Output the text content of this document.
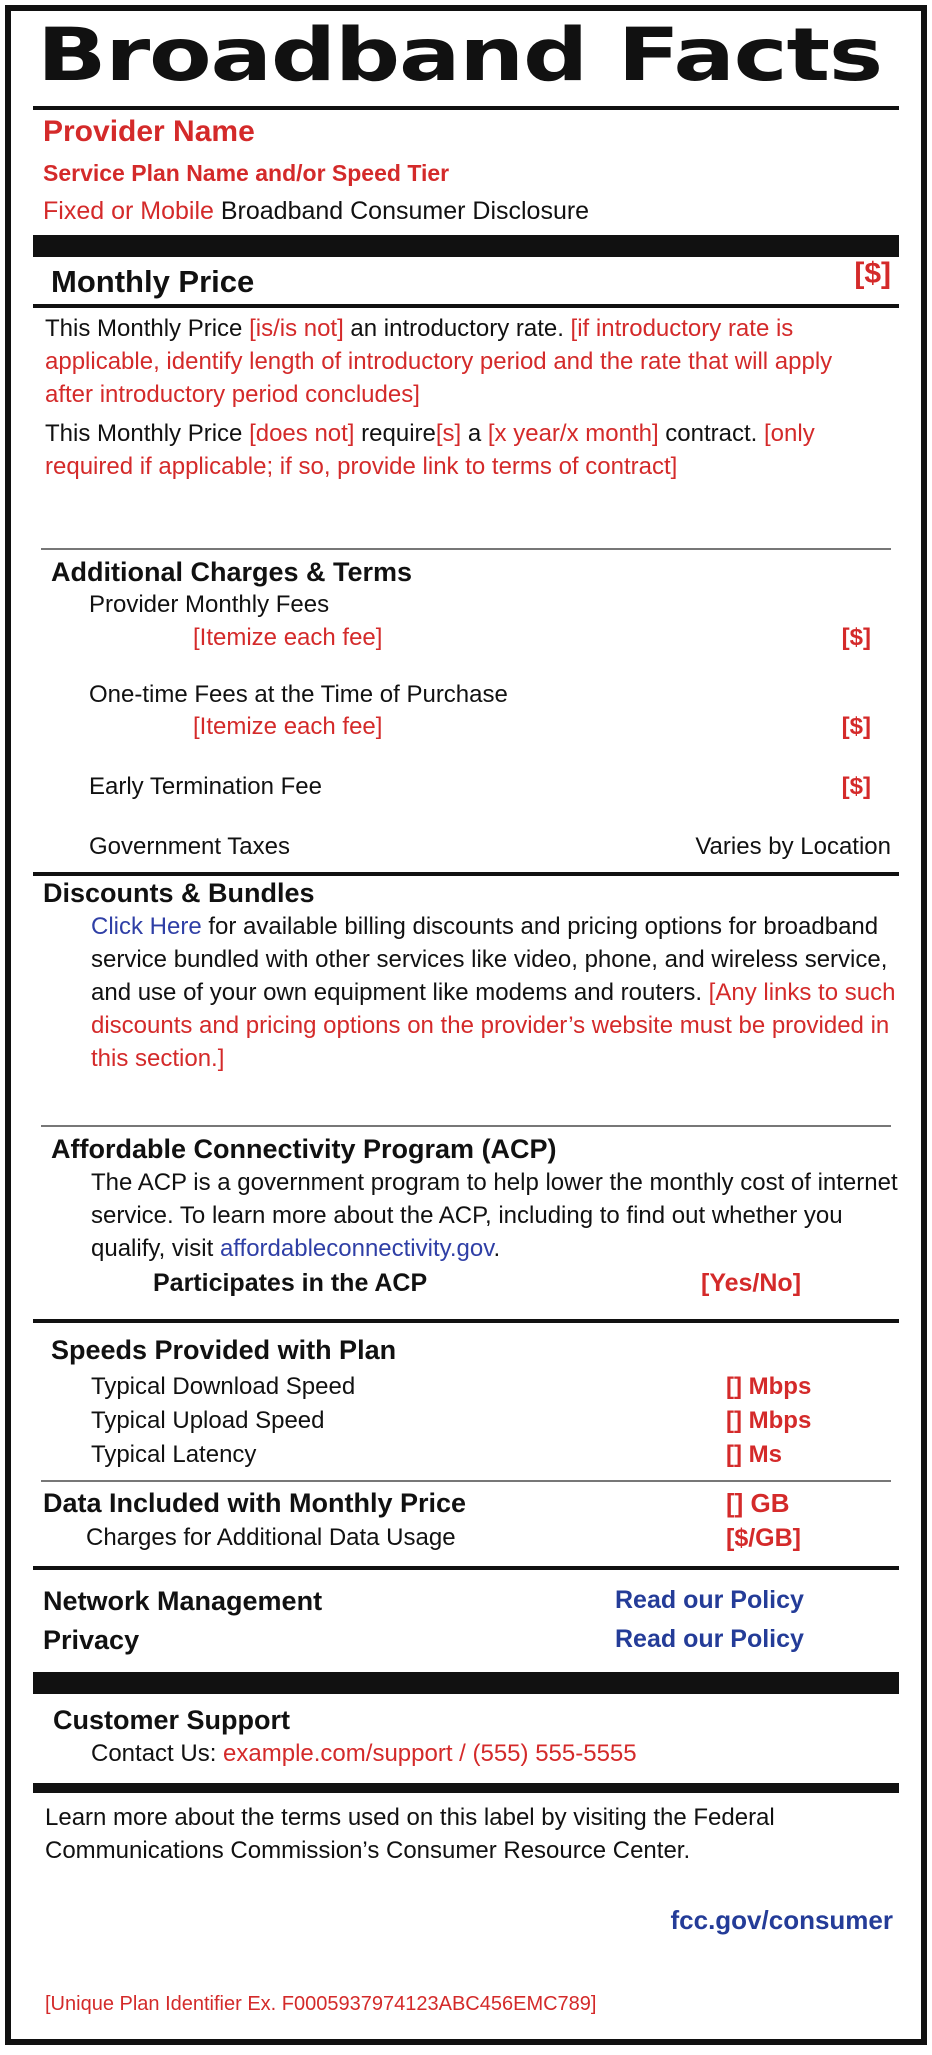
Broadband Facts
Provider Name
Service Plan Name and/or Speed Tier
Fixed or Mobile Broadband Consumer Disclosure
Monthly Price	[$]
This Monthly Price [is/is not] an introductory rate. [if introductory rate is applicable, identify length of introductory period and the rate that will apply after introductory period concludes]
This Monthly Price [does not] require[s] a [x year/x month] contract. [only required if applicable; if so, provide link to terms of contract]
Additional Charges & Terms
Provider Monthly Fees
[Itemize each fee]	[$]
One-time Fees at the Time of Purchase
[Itemize each fee]	[$]
Early Termination Fee	[$]
Government Taxes	Varies by Location
Discounts & Bundles
Click Here for available billing discounts and pricing options for broadband service bundled with other services like video, phone, and wireless service, and use of your own equipment like modems and routers. [Any links to such discounts and pricing options on the provider’s website must be provided in this section.]
Affordable Connectivity Program (ACP)
The ACP is a government program to help lower the monthly cost of internet service. To learn more about the ACP, including to find out whether you qualify, visit affordableconnectivity.gov.
Participates in the ACP	[Yes/No]
Speeds Provided with Plan
Typical Download Speed	[] Mbps
Typical Upload Speed	[] Mbps
Typical Latency	[] Ms
Data Included with Monthly Price	[] GB
Charges for Additional Data Usage	[$/GB]
Network Management	Read our Policy
Privacy	Read our Policy
Customer Support
Contact Us: example.com/support / (555) 555-5555
Learn more about the terms used on this label by visiting the Federal Communications Commission’s Consumer Resource Center.
fcc.gov/consumer
[Unique Plan Identifier Ex. F0005937974123ABC456EMC789]
